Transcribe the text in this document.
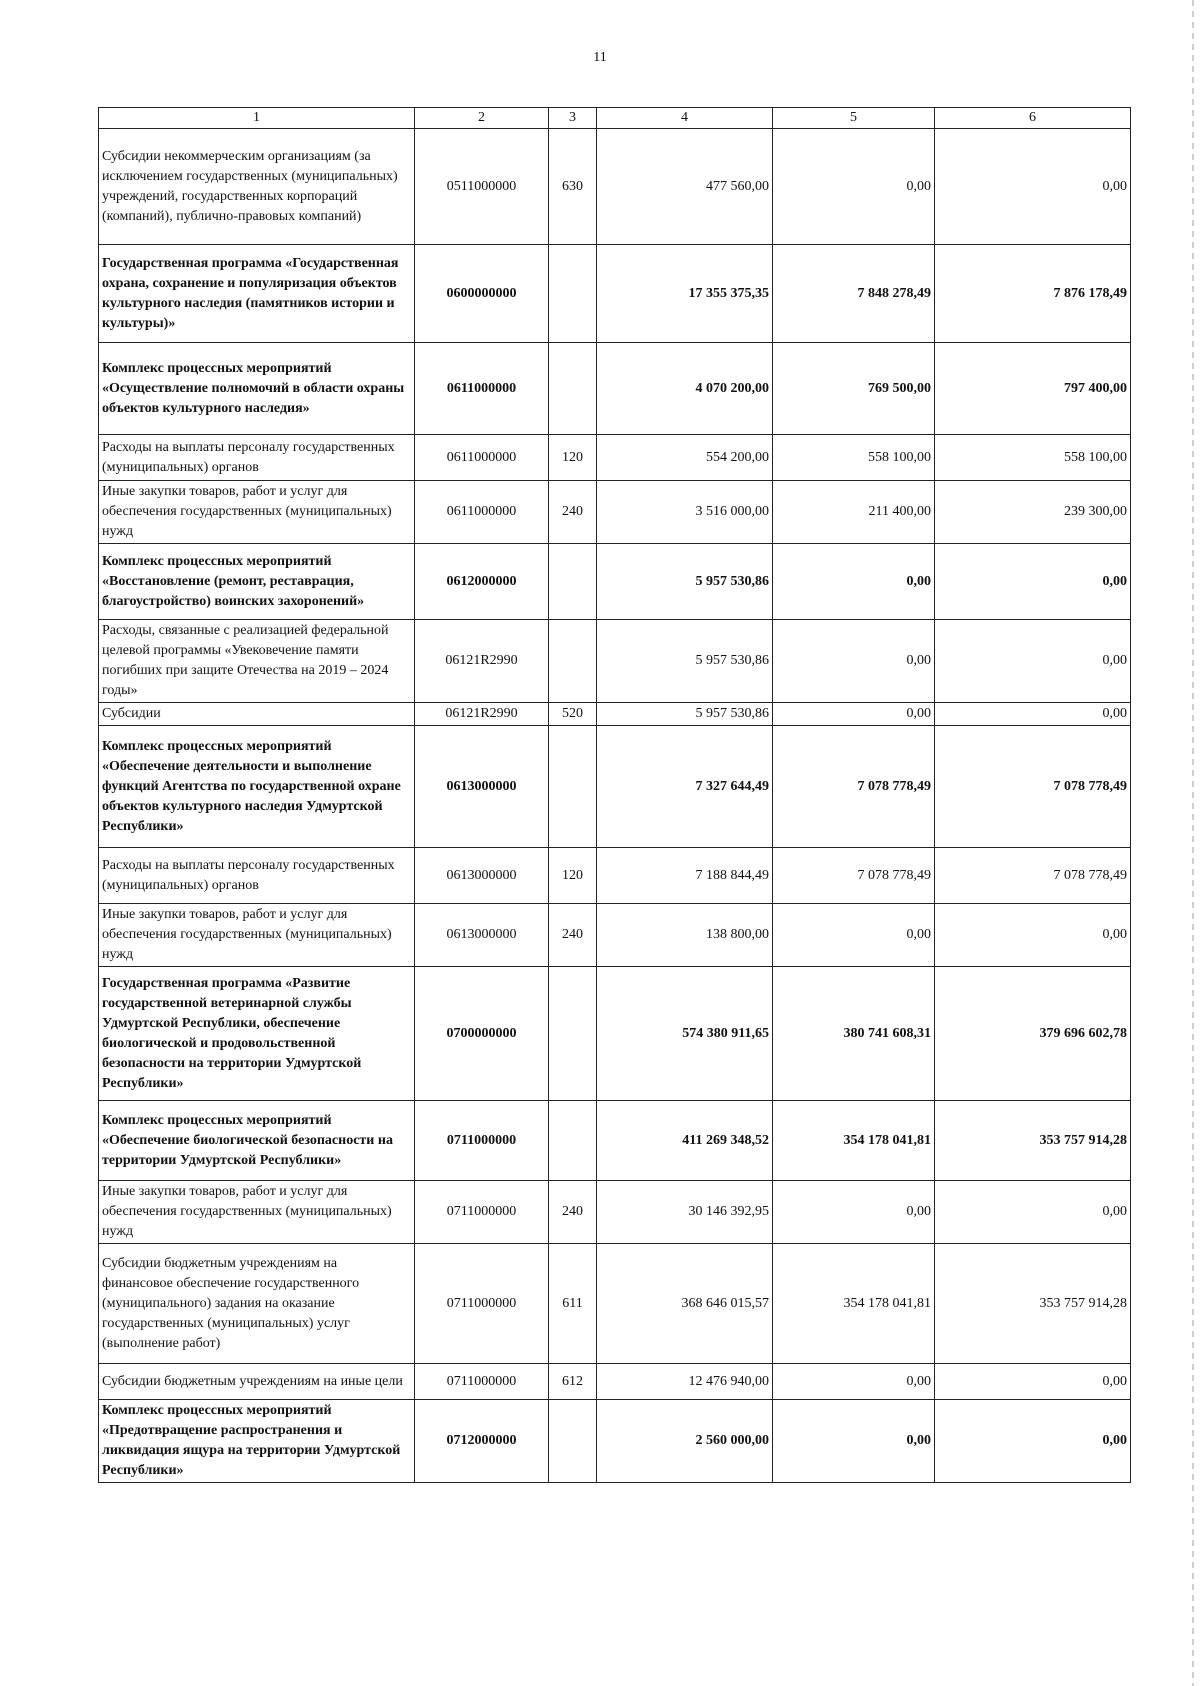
11
1	2	3	4	5	6
Субсидии некоммерческим организациям (за исключением государственных (муниципальных) учреждений, государственных корпораций (компаний), публично-правовых компаний)	0511000000	630	477 560,00	0,00	0,00
Государственная программа «Государственная охрана, сохранение и популяризация объектов культурного наследия (памятников истории и культуры)»	0600000000		17 355 375,35	7 848 278,49	7 876 178,49
Комплекс процессных мероприятий «Осуществление полномочий в области охраны объектов культурного наследия»	0611000000		4 070 200,00	769 500,00	797 400,00
Расходы на выплаты персоналу государственных (муниципальных) органов	0611000000	120	554 200,00	558 100,00	558 100,00
Иные закупки товаров, работ и услуг для обеспечения государственных (муниципальных) нужд	0611000000	240	3 516 000,00	211 400,00	239 300,00
Комплекс процессных мероприятий «Восстановление (ремонт, реставрация, благоустройство) воинских захоронений»	0612000000		5 957 530,86	0,00	0,00
Расходы, связанные с реализацией федеральной целевой программы «Увековечение памяти погибших при защите Отечества на 2019 – 2024 годы»	06121R2990		5 957 530,86	0,00	0,00
Субсидии	06121R2990	520	5 957 530,86	0,00	0,00
Комплекс процессных мероприятий «Обеспечение деятельности и выполнение функций Агентства по государственной охране объектов культурного наследия Удмуртской Республики»	0613000000		7 327 644,49	7 078 778,49	7 078 778,49
Расходы на выплаты персоналу государственных (муниципальных) органов	0613000000	120	7 188 844,49	7 078 778,49	7 078 778,49
Иные закупки товаров, работ и услуг для обеспечения государственных (муниципальных) нужд	0613000000	240	138 800,00	0,00	0,00
Государственная программа «Развитие государственной ветеринарной службы Удмуртской Республики, обеспечение биологической и продовольственной безопасности на территории Удмуртской Республики»	0700000000		574 380 911,65	380 741 608,31	379 696 602,78
Комплекс процессных мероприятий «Обеспечение биологической безопасности на территории Удмуртской Республики»	0711000000		411 269 348,52	354 178 041,81	353 757 914,28
Иные закупки товаров, работ и услуг для обеспечения государственных (муниципальных) нужд	0711000000	240	30 146 392,95	0,00	0,00
Субсидии бюджетным учреждениям на финансовое обеспечение государственного (муниципального) задания на оказание государственных (муниципальных) услуг (выполнение работ)	0711000000	611	368 646 015,57	354 178 041,81	353 757 914,28
Субсидии бюджетным учреждениям на иные цели	0711000000	612	12 476 940,00	0,00	0,00
Комплекс процессных мероприятий «Предотвращение распространения и ликвидация ящура на территории Удмуртской Республики»	0712000000		2 560 000,00	0,00	0,00
